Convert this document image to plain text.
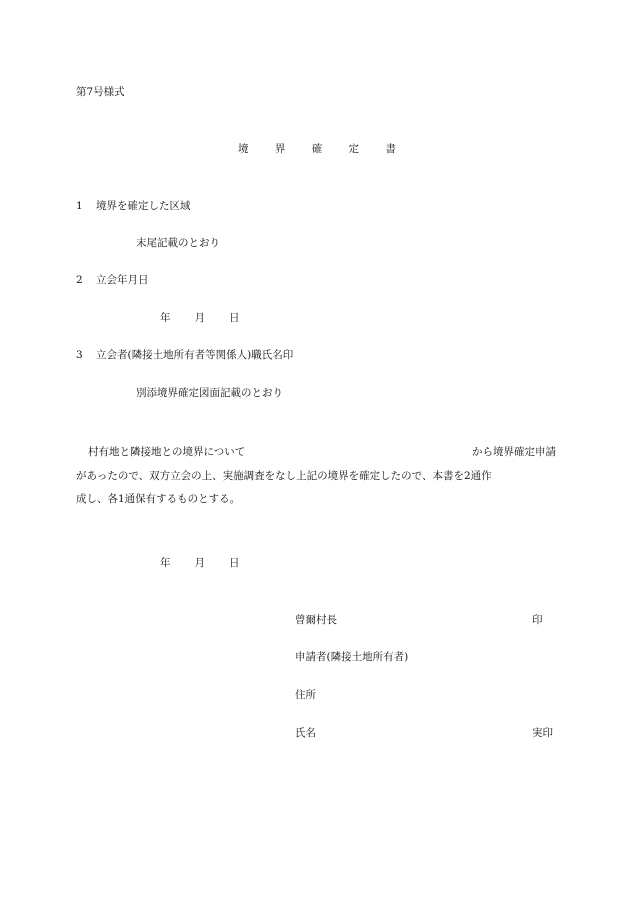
第7号様式
境	界	確	定	書
1 境界を確定した区域
末尾記載のとおり
2 立会年月日
年 月 日
3 立会者(隣接土地所有者等関係人)職氏名印
別添境界確定図面記載のとおり
村有地と隣接地との境界について	から境界確定申請
があったので、双方立会の上、実施調査をなし上記の境界を確定したので、本書を2通作
成し、各1通保有するものとする。
年 月 日
曾爾村長	印
申請者(隣接土地所有者)
住所
氏名	実印
